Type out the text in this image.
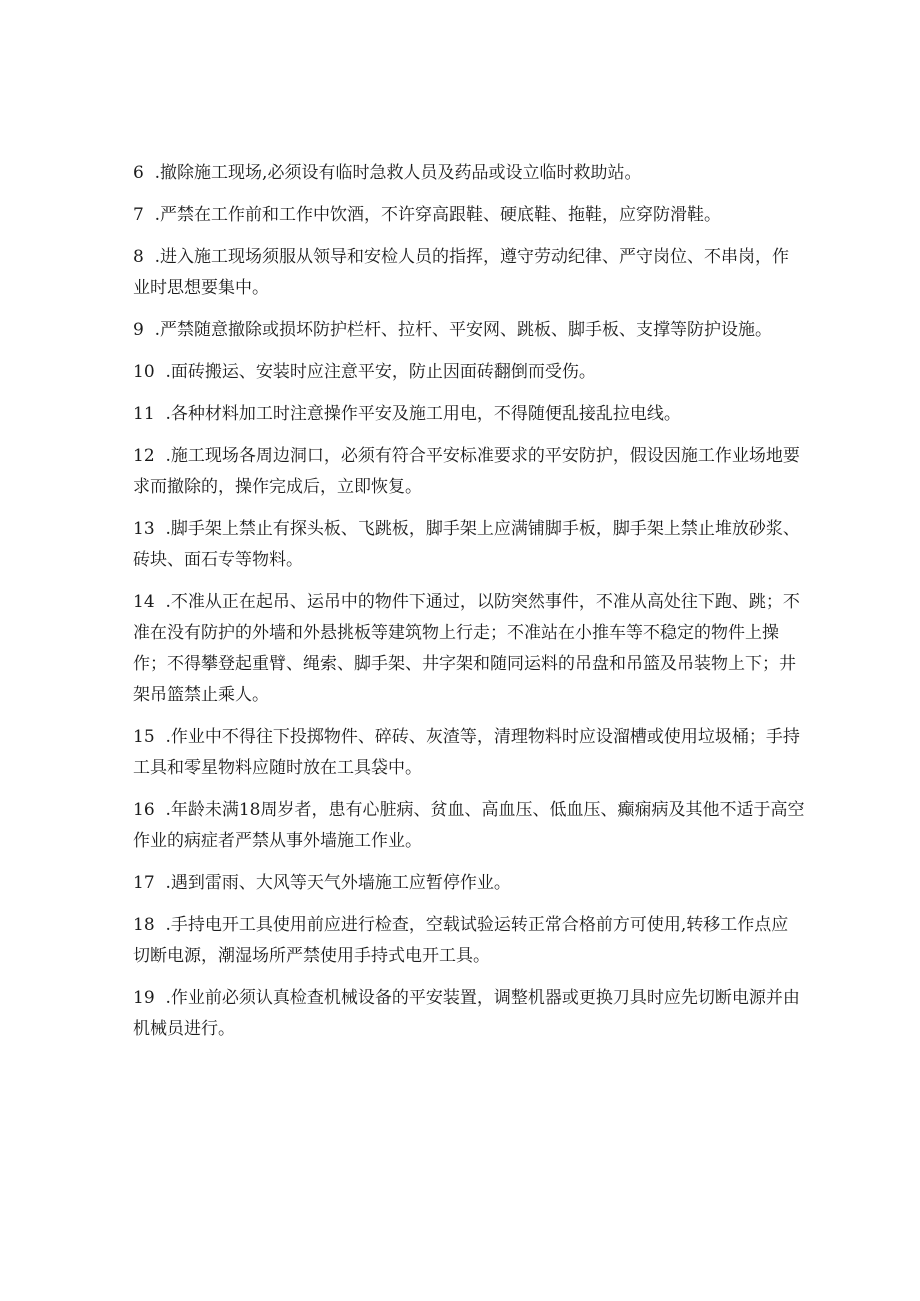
6 .撤除施工现场,必须设有临时急救人员及药品或设立临时救助站。
7 .严禁在工作前和工作中饮酒，不许穿高跟鞋、硬底鞋、拖鞋，应穿防滑鞋。
8 .进入施工现场须服从领导和安检人员的指挥，遵守劳动纪律、严守岗位、不串岗，作业时思想要集中。
9 .严禁随意撤除或损坏防护栏杆、拉杆、平安网、跳板、脚手板、支撑等防护设施。
10 .面砖搬运、安装时应注意平安，防止因面砖翻倒而受伤。
11 .各种材料加工时注意操作平安及施工用电，不得随便乱接乱拉电线。
12 .施工现场各周边洞口，必须有符合平安标准要求的平安防护，假设因施工作业场地要求而撤除的，操作完成后，立即恢复。
13 .脚手架上禁止有探头板、飞跳板，脚手架上应满铺脚手板，脚手架上禁止堆放砂浆、砖块、面石专等物料。
14 .不准从正在起吊、运吊中的物件下通过，以防突然事件，不准从高处往下跑、跳；不准在没有防护的外墙和外悬挑板等建筑物上行走；不准站在小推车等不稳定的物件上操作；不得攀登起重臂、绳索、脚手架、井字架和随同运料的吊盘和吊篮及吊装物上下；井架吊篮禁止乘人。
15 .作业中不得往下投掷物件、碎砖、灰渣等，清理物料时应设溜槽或使用垃圾桶；手持工具和零星物料应随时放在工具袋中。
16 .年龄未满18周岁者，患有心脏病、贫血、高血压、低血压、癫痫病及其他不适于高空作业的病症者严禁从事外墙施工作业。
17 .遇到雷雨、大风等天气外墙施工应暂停作业。
18 .手持电开工具使用前应进行检查，空载试验运转正常合格前方可使用,转移工作点应切断电源，潮湿场所严禁使用手持式电开工具。
19 .作业前必须认真检查机械设备的平安装置，调整机器或更换刀具时应先切断电源并由机械员进行。
